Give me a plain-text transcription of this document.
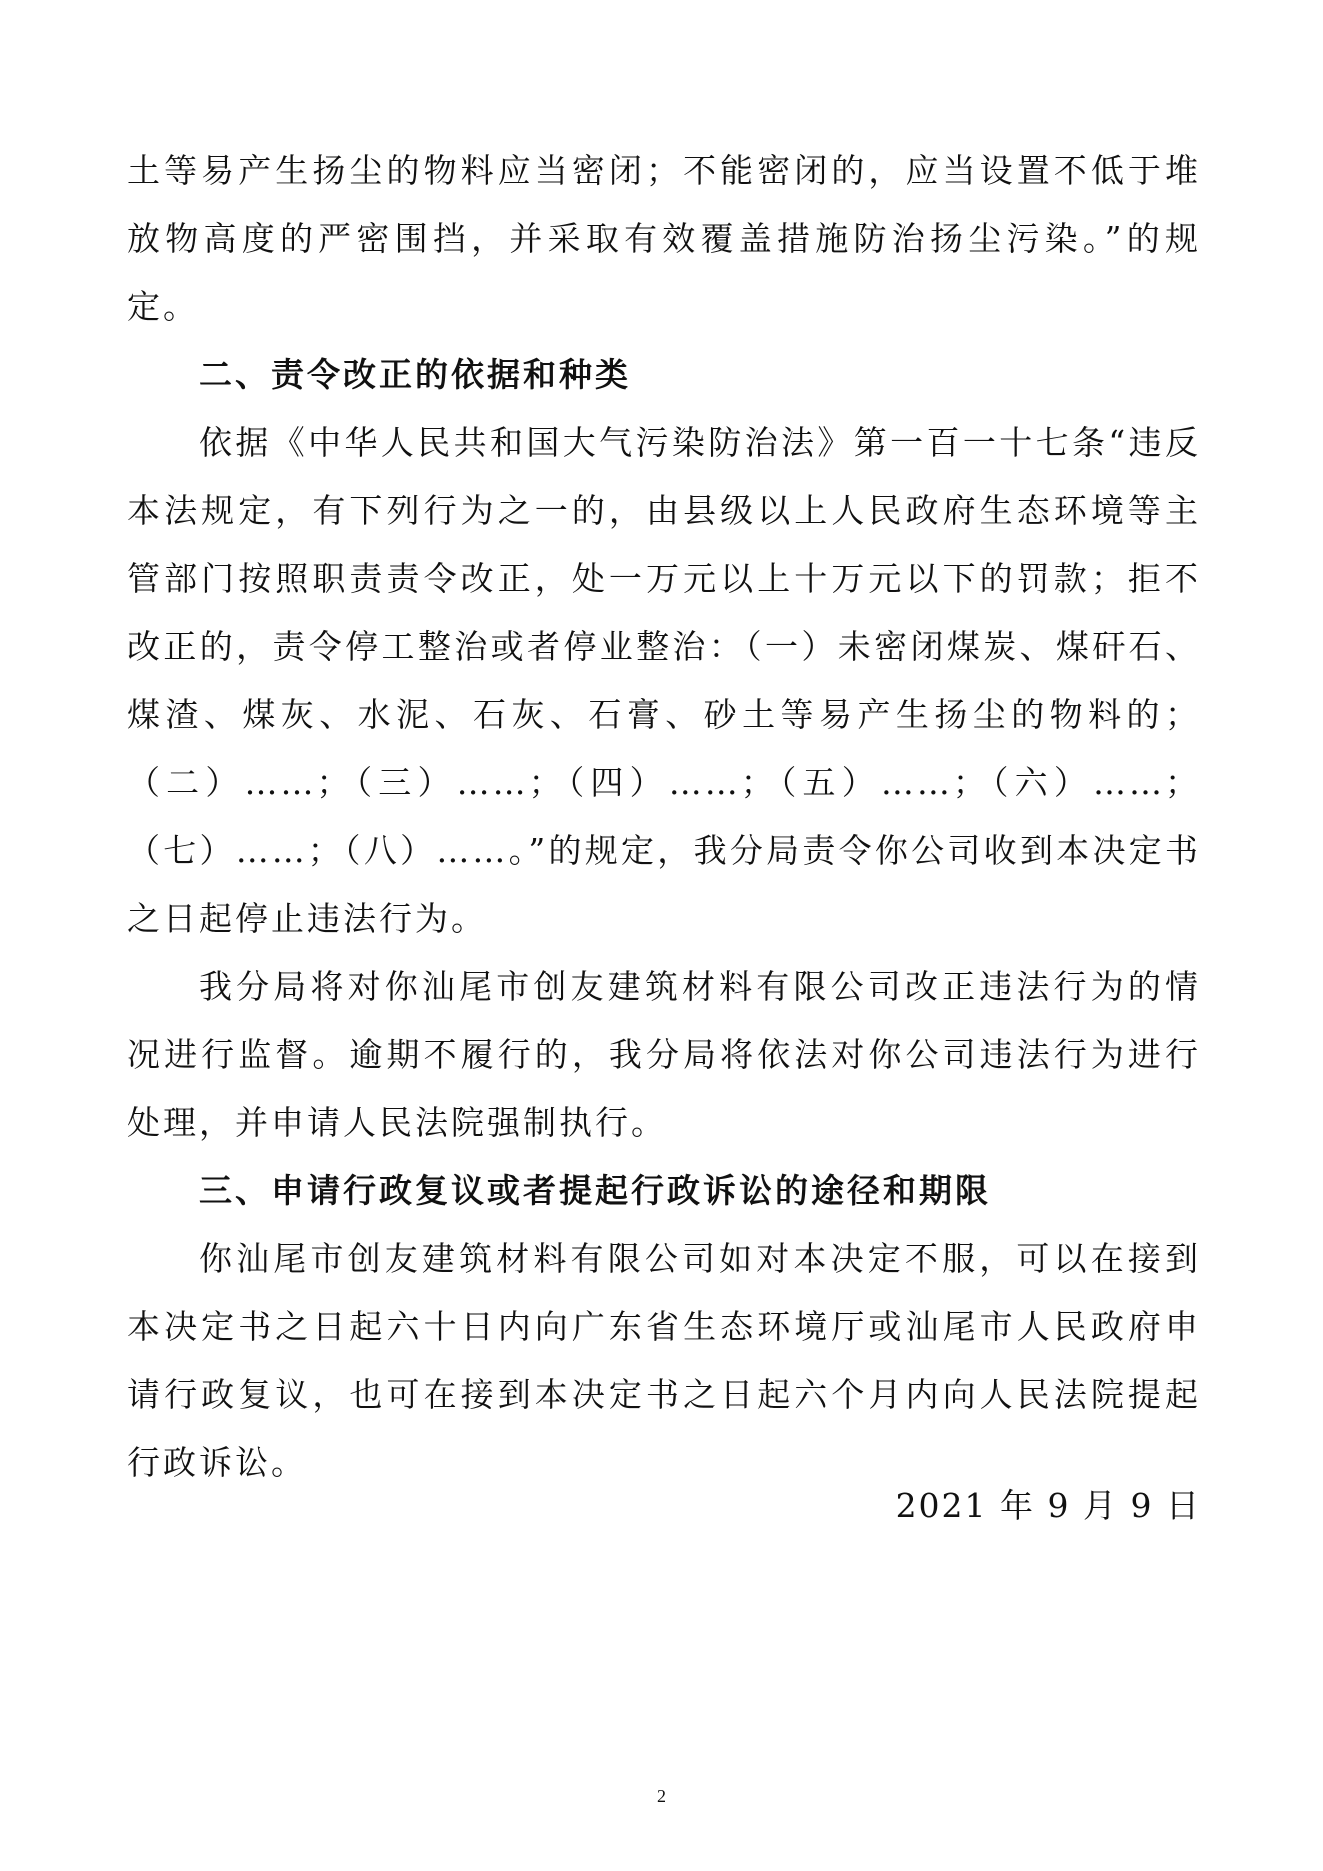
土等易产生扬尘的物料应当密闭；不能密闭的，应当设置不低于堆放物高度的严密围挡，并采取有效覆盖措施防治扬尘污染。”的规定。

二、责令改正的依据和种类

依据《中华人民共和国大气污染防治法》第一百一十七条“违反本法规定，有下列行为之一的，由县级以上人民政府生态环境等主管部门按照职责责令改正，处一万元以上十万元以下的罚款；拒不改正的，责令停工整治或者停业整治：（一）未密闭煤炭、煤矸石、煤渣、煤灰、水泥、石灰、石膏、砂土等易产生扬尘的物料的；（二）……；（三）……；（四）……；（五）……；（六）……；（七）……；（八）……。”的规定，我分局责令你公司收到本决定书之日起停止违法行为。

我分局将对你汕尾市创友建筑材料有限公司改正违法行为的情况进行监督。逾期不履行的，我分局将依法对你公司违法行为进行处理，并申请人民法院强制执行。

三、申请行政复议或者提起行政诉讼的途径和期限

你汕尾市创友建筑材料有限公司如对本决定不服，可以在接到本决定书之日起六十日内向广东省生态环境厅或汕尾市人民政府申请行政复议，也可在接到本决定书之日起六个月内向人民法院提起行政诉讼。

2021 年 9 月 9 日
2
